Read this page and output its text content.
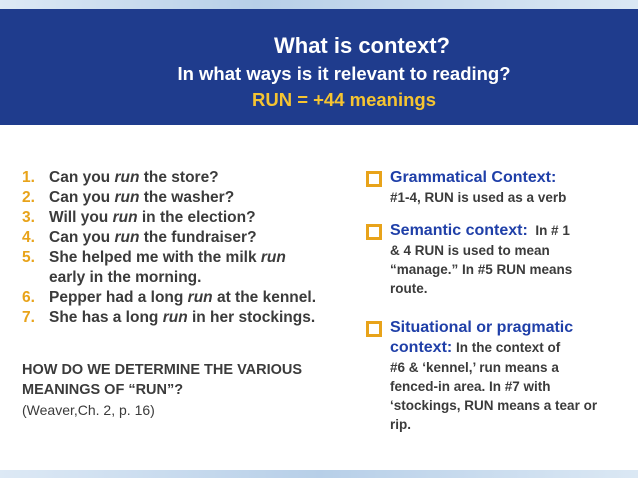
What is context?
In what ways is it relevant to reading?
RUN = +44 meanings
1. Can you run the store?
2. Can you run the washer?
3. Will you run in the election?
4. Can you run the fundraiser?
5. She helped me with the milk run early in the morning.
6. Pepper had a long run at the kennel.
7. She has a long run in her stockings.
HOW DO WE DETERMINE THE VARIOUS MEANINGS OF “RUN”?
(Weaver,Ch. 2, p. 16)
Grammatical Context:
#1-4, RUN is used as a verb
Semantic context:  In # 1
& 4 RUN is used to mean “manage.” In #5 RUN means route.
Situational or pragmatic context: In the context of
#6 & ‘kennel,’ run means a fenced-in area. In #7 with ‘stockings, RUN means a tear or rip.
